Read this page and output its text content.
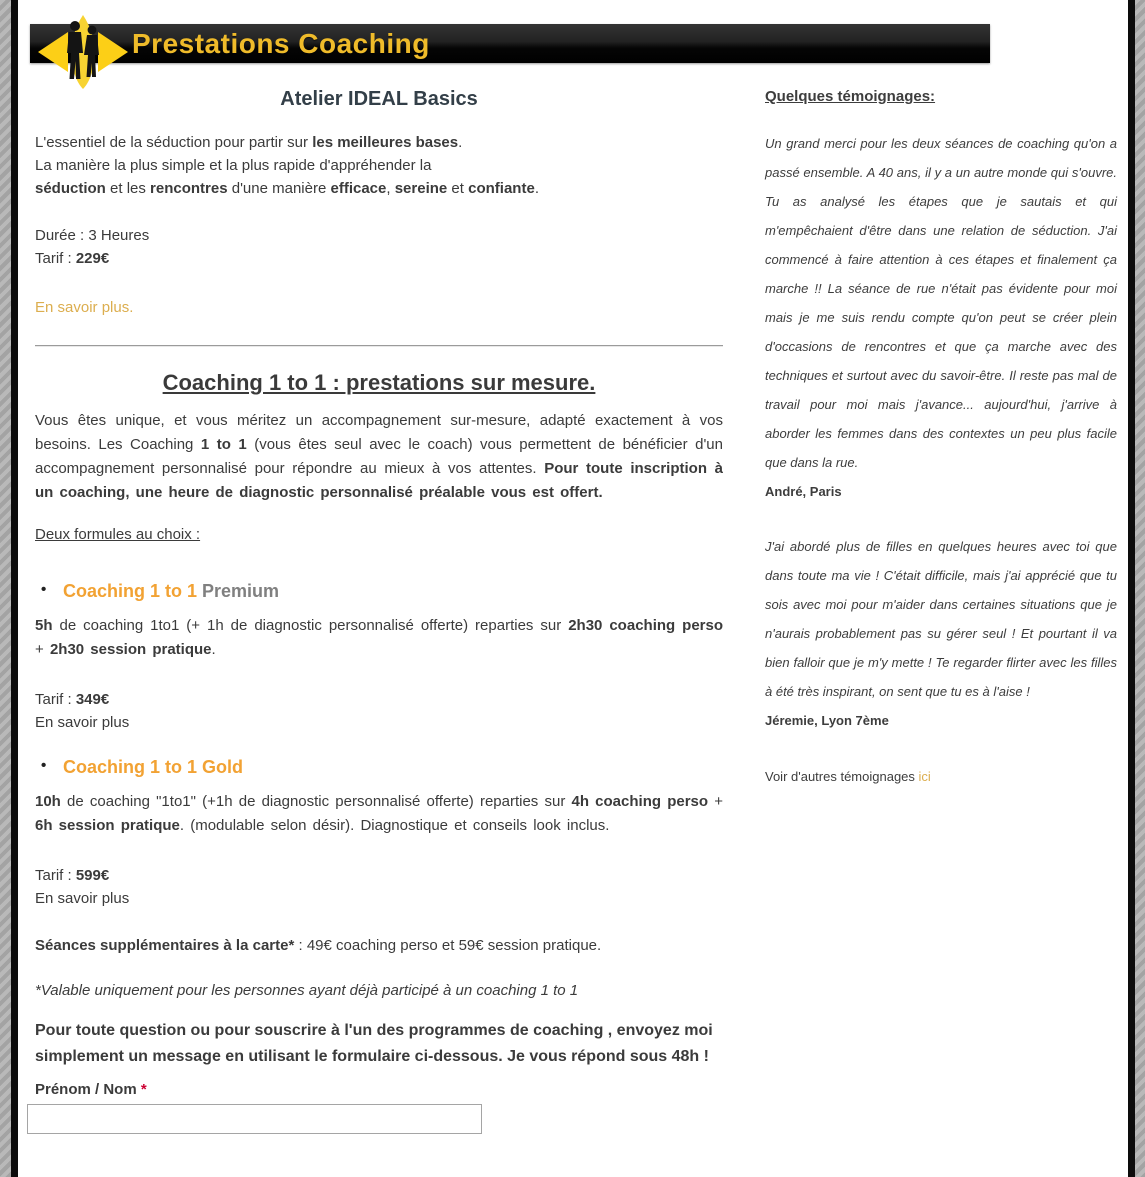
Prestations Coaching
Atelier IDEAL Basics
L'essentiel de la séduction pour partir sur les meilleures bases.
La manière la plus simple et la plus rapide d'appréhender la
séduction et les rencontres d'une manière efficace, sereine et confiante.
Durée : 3 Heures
Tarif : 229€
En savoir plus.
Coaching 1 to 1 : prestations sur mesure.

Vous êtes unique, et vous méritez un accompagnement sur-mesure, adapté exactement à vos besoins. Les Coaching 1 to 1 (vous êtes seul avec le coach) vous permettent de bénéficier d'un accompagnement personnalisé pour répondre au mieux à vos attentes. Pour toute inscription à un coaching, une heure de diagnostic personnalisé préalable vous est offert.

Deux formules au choix :
• Coaching 1 to 1 Premium

5h de coaching 1to1 (+ 1h de diagnostic personnalisé offerte) reparties sur 2h30 coaching perso + 2h30 session pratique.

Tarif : 349€
En savoir plus
• Coaching 1 to 1 Gold

10h de coaching "1to1" (+1h de diagnostic personnalisé offerte) reparties sur 4h coaching perso + 6h session pratique. (modulable selon désir). Diagnostique et conseils look inclus.

Tarif : 599€
En savoir plus
Séances supplémentaires à la carte* : 49€ coaching perso et 59€ session pratique.
*Valable uniquement pour les personnes ayant déjà participé à un coaching 1 to 1
Pour toute question ou pour souscrire à l'un des programmes de coaching , envoyez moi simplement un message en utilisant le formulaire ci-dessous. Je vous répond sous 48h !
Prénom / Nom *
Quelques témoignages:
Un grand merci pour les deux séances de coaching qu'on a passé ensemble. A 40 ans, il y a un autre monde qui s'ouvre. Tu as analysé les étapes que je sautais et qui m'empêchaient d'être dans une relation de séduction. J'ai commencé à faire attention à ces étapes et finalement ça marche !! La séance de rue n'était pas évidente pour moi mais je me suis rendu compte qu'on peut se créer plein d'occasions de rencontres et que ça marche avec des techniques et surtout avec du savoir-être. Il reste pas mal de travail pour moi mais j'avance... aujourd'hui, j'arrive à aborder les femmes dans des contextes un peu plus facile que dans la rue.
André, Paris
J'ai abordé plus de filles en quelques heures avec toi que dans toute ma vie ! C'était difficile, mais j'ai apprécié que tu sois avec moi pour m'aider dans certaines situations que je n'aurais probablement pas su gérer seul ! Et pourtant il va bien falloir que je m'y mette ! Te regarder flirter avec les filles à été très inspirant, on sent que tu es à l'aise !
Jéremie, Lyon 7ème
Voir d'autres témoignages ici
